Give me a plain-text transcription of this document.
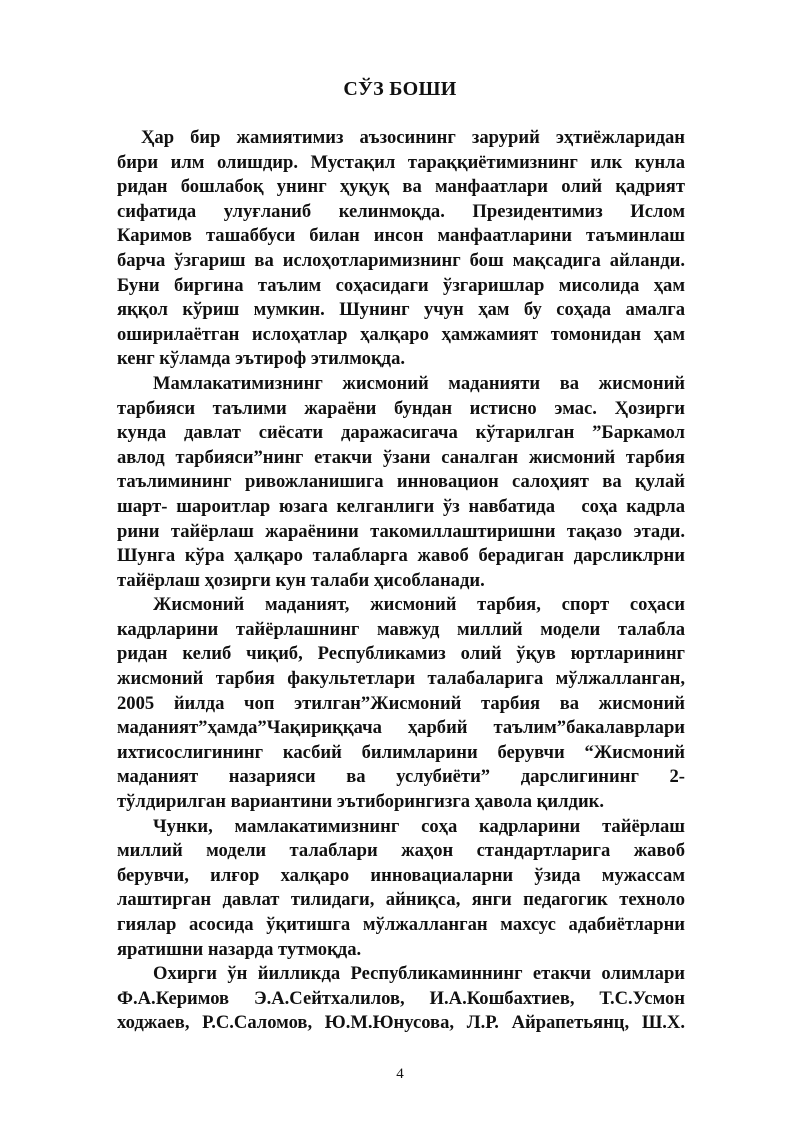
СЎЗ БОШИ
Ҳар бир жамиятимиз аъзосининг зарурий эҳтиёжларидан
бири илм олишдир. Мустақил тараққиётимизнинг илк кунла
ридан бошлабоқ унинг ҳуқуқ ва манфаатлари олий қадрият
сифатида улуғланиб келинмоқда. Президентимиз Ислом
Каримов ташаббуси билан инсон манфаатларини таъминлаш
барча ўзгариш ва ислоҳотларимизнинг бош мақсадига айланди.
Буни биргина таълим соҳасидаги ўзгаришлар мисолида ҳам
яққол кўриш мумкин. Шунинг учун ҳам бу соҳада амалга
оширилаётган ислоҳатлар ҳалқаро ҳамжамият томонидан ҳам
кенг кўламда эътироф этилмоқда.
Мамлакатимизнинг жисмоний маданияти ва жисмоний
тарбияси таълими жараёни бундан истисно эмас. Ҳозирги
кунда давлат сиёсати даражасигача кўтарилган ”Баркамол
авлод тарбияси”нинг етакчи ўзани саналган жисмоний тарбия
таълимининг ривожланишига инновацион салоҳият ва қулай
шарт- шароитлар юзага келганлиги ўз навбатида   соҳа кадрла
рини тайёрлаш жараёнини такомиллаштиришни тақазо этади.
Шунга кўра ҳалқаро талабларга жавоб берадиган дарсликлрни
тайёрлаш ҳозирги кун талаби ҳисобланади.
Жисмоний маданият, жисмоний тарбия, спорт соҳаси
кадрларини тайёрлашнинг мавжуд миллий модели талабла
ридан келиб чиқиб, Республикамиз олий ўқув юртларининг
жисмоний тарбия факультетлари талабаларига мўлжалланган,
2005 йилда чоп этилган”Жисмоний тарбия ва жисмоний
маданият”ҳамда”Чақириққача ҳарбий таълим”бакалаврлари
ихтисослигининг касбий билимларини берувчи “Жисмоний
маданият назарияси ва услубиёти” дарслигининг 2-
тўлдирилган вариантини эътиборингизга ҳавола қилдик.
Чунки, мамлакатимизнинг соҳа кадрларини тайёрлаш
миллий модели талаблари жаҳон стандартларига жавоб
берувчи, илғор халқаро инновациаларни ўзида мужассам
лаштирган давлат тилидаги, айниқса, янги педагогик техноло
гиялар асосида ўқитишга мўлжалланган махсус адабиётларни
яратишни назарда тутмоқда.
Охирги ўн йилликда Республикаминнинг етакчи олимлари
Ф.А.Керимов Э.А.Сейтхалилов, И.А.Кошбахтиев, Т.С.Усмон
ходжаев, Р.С.Саломов, Ю.М.Юнусова, Л.Р. Айрапетьянц, Ш.Х.
4
